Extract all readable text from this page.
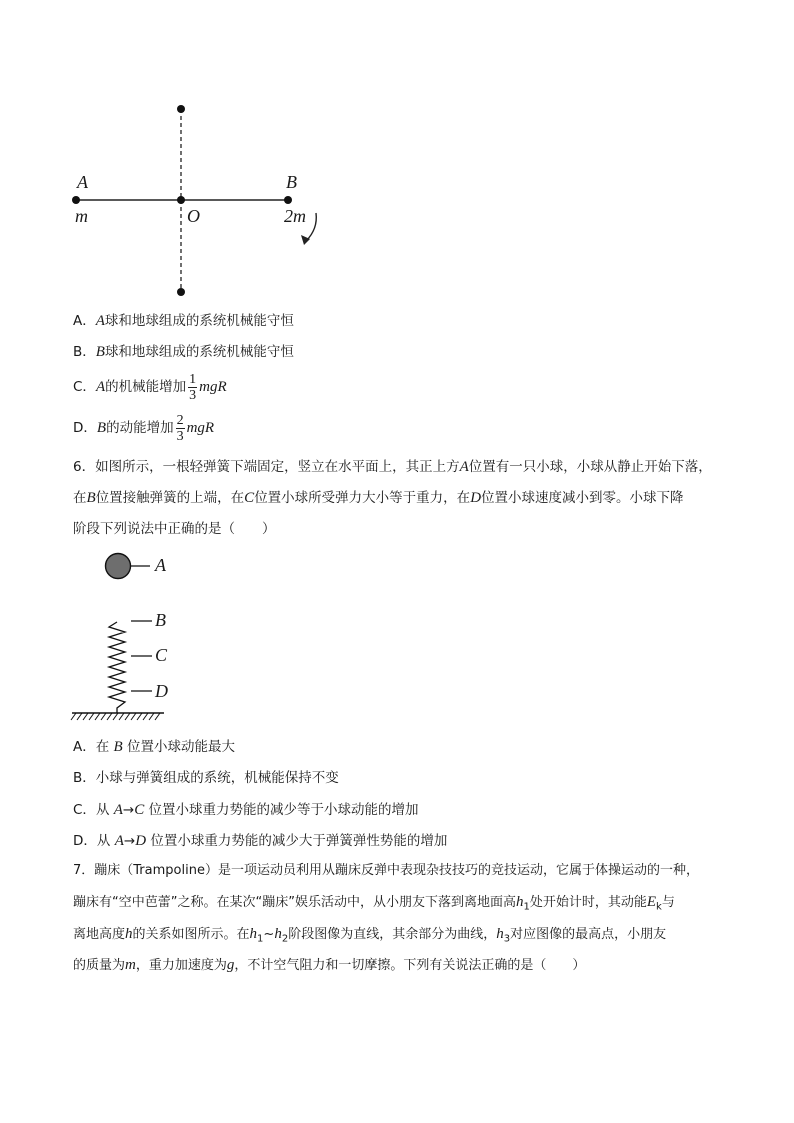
A	B
m	O	2m
A．A球和地球组成的系统机械能守恒
B．B球和地球组成的系统机械能守恒
C．A的机械能增加 $\frac{1}{3}$ mgR
D．B的动能增加 $\frac{2}{3}$ mgR
6．如图所示，一根轻弹簧下端固定，竖立在水平面上，其正上方A位置有一只小球，小球从静止开始下落，
在B位置接触弹簧的上端，在C位置小球所受弹力大小等于重力，在D位置小球速度减小到零。小球下降
阶段下列说法中正确的是（　　）
A
B
C
D
A．在 B 位置小球动能最大
B．小球与弹簧组成的系统，机械能保持不变
C．从 A→C 位置小球重力势能的减少等于小球动能的增加
D．从 A→D 位置小球重力势能的减少大于弹簧弹性势能的增加
7．蹦床（Trampoline）是一项运动员利用从蹦床反弹中表现杂技技巧的竞技运动，它属于体操运动的一种，
蹦床有“空中芭蕾”之称。在某次“蹦床”娱乐活动中，从小朋友下落到离地面高$h_1$处开始计时，其动能$E_k$与
离地高度h的关系如图所示。在$h_1\sim h_2$阶段图像为直线，其余部分为曲线，$h_3$对应图像的最高点，小朋友
的质量为m，重力加速度为g，不计空气阻力和一切摩擦。下列有关说法正确的是（　　）
